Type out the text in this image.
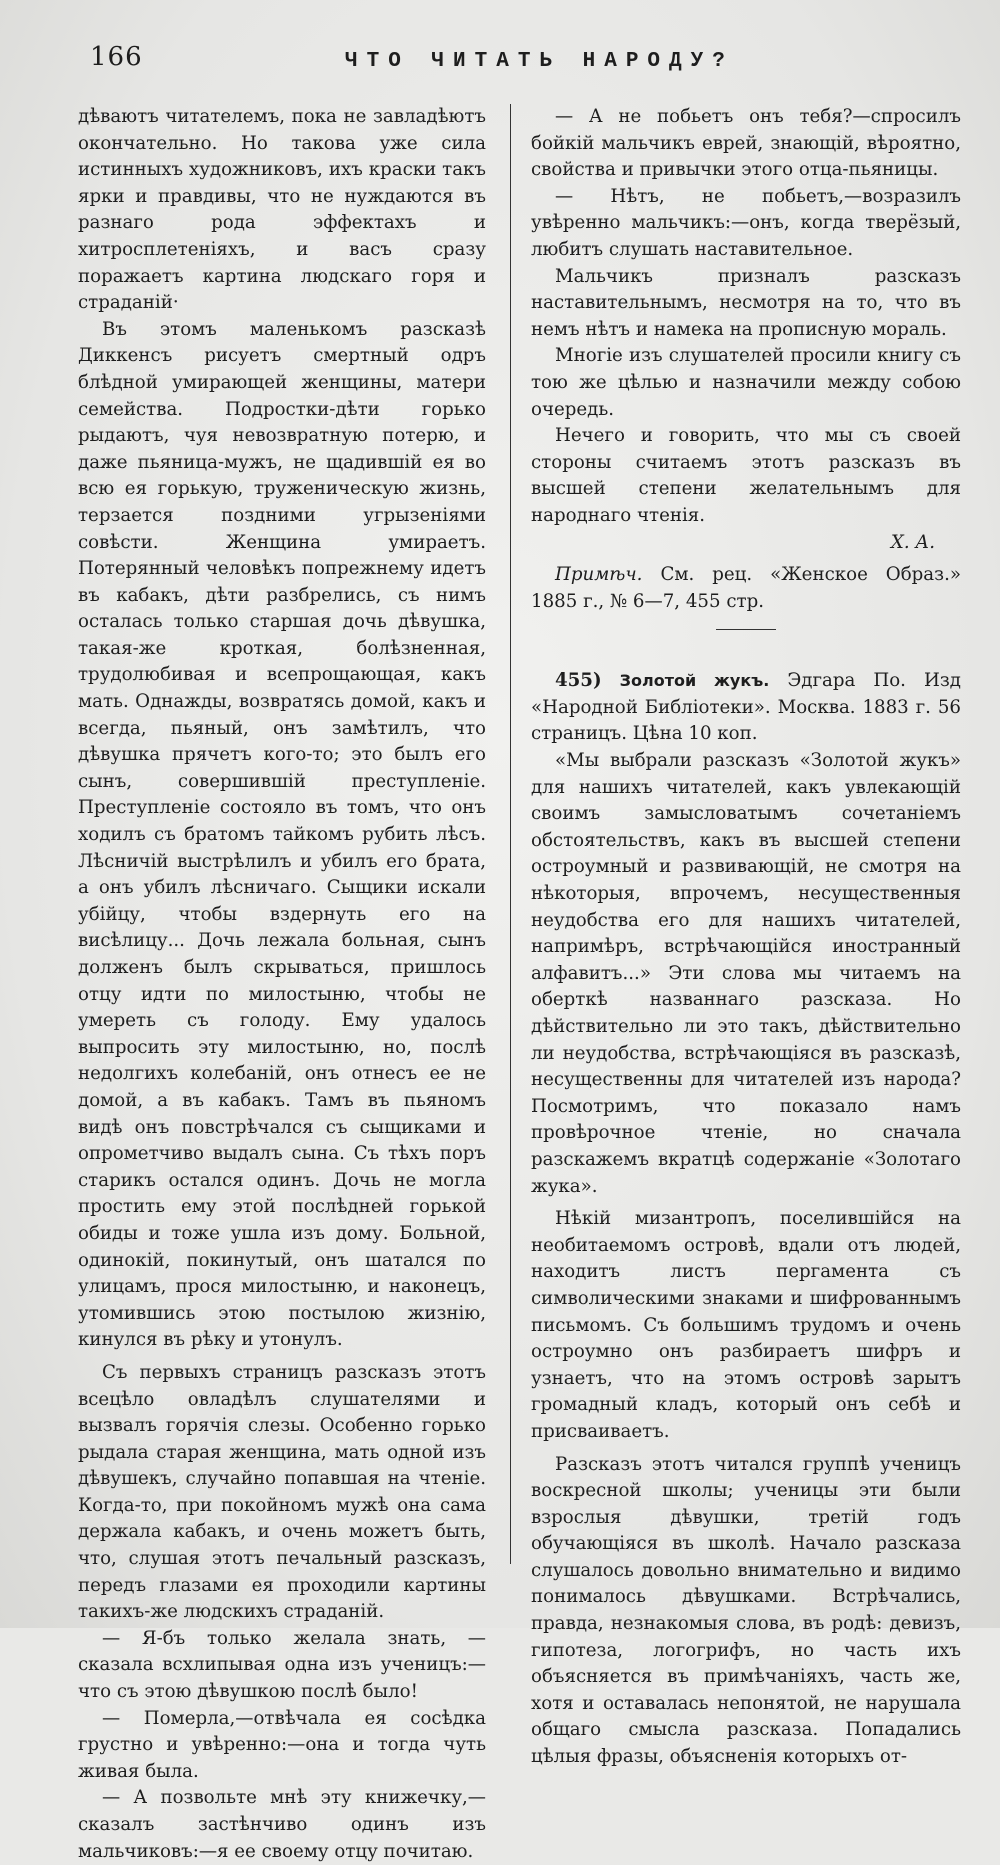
166	ЧТО ЧИТАТЬ НАРОДУ?

дѣваютъ читателемъ, пока не завладѣютъ окончательно. Но такова уже сила истинныхъ художниковъ, ихъ краски такъ ярки и правдивы, что не нуждаются въ разнаго рода эффектахъ и хитросплетеніяхъ, и васъ сразу поражаетъ картина людскаго горя и страданій·

Въ этомъ маленькомъ разсказѣ Диккенсъ рисуетъ смертный одръ блѣдной умирающей женщины, матери семейства. Подростки-дѣти горько рыдаютъ, чуя невозвратную потерю, и даже пьяница-мужъ, не щадившій ея во всю ея горькую, труженическую жизнь, терзается поздними угрызеніями совѣсти. Женщина умираетъ. Потерянный человѣкъ попрежнему идетъ въ кабакъ, дѣти разбрелись, съ нимъ осталась только старшая дочь дѣвушка, такая-же кроткая, болѣзненная, трудолюбивая и всепрощающая, какъ мать. Однажды, возвратясь домой, какъ и всегда, пьяный, онъ замѣтилъ, что дѣвушка прячетъ кого-то; это былъ его сынъ, совершившій преступленіе. Преступленіе состояло въ томъ, что онъ ходилъ съ братомъ тайкомъ рубить лѣсъ. Лѣсничій выстрѣлилъ и убилъ его брата, а онъ убилъ лѣсничаго. Сыщики искали убійцу, чтобы вздернуть его на висѣлицу... Дочь лежала больная, сынъ долженъ былъ скрываться, пришлось отцу идти по милостыню, чтобы не умереть съ голоду. Ему удалось выпросить эту милостыню, но, послѣ недолгихъ колебаній, онъ отнесъ ее не домой, а въ кабакъ. Тамъ въ пьяномъ видѣ онъ повстрѣчался съ сыщиками и опрометчиво выдалъ сына. Съ тѣхъ поръ старикъ остался одинъ. Дочь не могла простить ему этой послѣдней горькой обиды и тоже ушла изъ дому. Больной, одинокій, покинутый, онъ шатался по улицамъ, прося милостыню, и наконецъ, утомившись этою постылою жизнію, кинулся въ рѣку и утонулъ.

Съ первыхъ страницъ разсказъ этотъ всецѣло овладѣлъ слушателями и вызвалъ горячія слезы. Особенно горько рыдала старая женщина, мать одной изъ дѣвушекъ, случайно попавшая на чтеніе. Когда-то, при покойномъ мужѣ она сама держала кабакъ, и очень можетъ быть, что, слушая этотъ печальный разсказъ, передъ глазами ея проходили картины такихъ-же людскихъ страданій.

— Я-бъ только желала знать, — сказала всхлипывая одна изъ ученицъ:—что съ этою дѣвушкою послѣ было!

— Померла,—отвѣчала ея сосѣдка грустно и увѣренно:—она и тогда чуть живая была.

— А позвольте мнѣ эту книжечку,—сказалъ застѣнчиво одинъ изъ мальчиковъ:—я ее своему отцу почитаю.

— А не побьетъ онъ тебя?—спросилъ бойкій мальчикъ еврей, знающій, вѣроятно, свойства и привычки этого отца-пьяницы.

— Нѣтъ, не побьетъ,—возразилъ увѣренно мальчикъ:—онъ, когда тверёзый, любитъ слушать наставительное.

Мальчикъ призналъ разсказъ наставительнымъ, несмотря на то, что въ немъ нѣтъ и намека на прописную мораль.

Многіе изъ слушателей просили книгу съ тою же цѣлью и назначили между собою очередь.

Нечего и говорить, что мы съ своей стороны считаемъ этотъ разсказъ въ высшей степени желательнымъ для народнаго чтенія.

Х. А.

Примѣч. См. рец. «Женское Образ.» 1885 г., № 6—7, 455 стр.

455) Золотой жукъ. Эдгара По. Изд «Народной Библіотеки». Москва. 1883 г. 56 страницъ. Цѣна 10 коп.

«Мы выбрали разсказъ «Золотой жукъ» для нашихъ читателей, какъ увлекающій своимъ замысловатымъ сочетаніемъ обстоятельствъ, какъ въ высшей степени остроумный и развивающій, не смотря на нѣкоторыя, впрочемъ, несущественныя неудобства его для нашихъ читателей, напримѣръ, встрѣчающійся иностранный алфавитъ...» Эти слова мы читаемъ на оберткѣ названнаго разсказа. Но дѣйствительно ли это такъ, дѣйствительно ли неудобства, встрѣчающіяся въ разсказѣ, несущественны для читателей изъ народа? Посмотримъ, что показало намъ провѣрочное чтеніе, но сначала разскажемъ вкратцѣ содержаніе «Золотаго жука».

Нѣкій мизантропъ, поселившійся на необитаемомъ островѣ, вдали отъ людей, находитъ листъ пергамента съ символическими знаками и шифрованнымъ письмомъ. Съ большимъ трудомъ и очень остроумно онъ разбираетъ шифръ и узнаетъ, что на этомъ островѣ зарытъ громадный кладъ, который онъ себѣ и присваиваетъ.

Разсказъ этотъ читался группѣ ученицъ воскресной школы; ученицы эти были взрослыя дѣвушки, третій годъ обучающіяся въ школѣ. Начало разсказа слушалось довольно внимательно и видимо понималось дѣвушками. Встрѣчались, правда, незнакомыя слова, въ родѣ: девизъ, гипотеза, логогрифъ, но часть ихъ объясняется въ примѣчаніяхъ, часть же, хотя и оставалась непонятой, не нарушала общаго смысла разсказа. Попадались цѣлыя фразы, объясненія которыхъ от-
